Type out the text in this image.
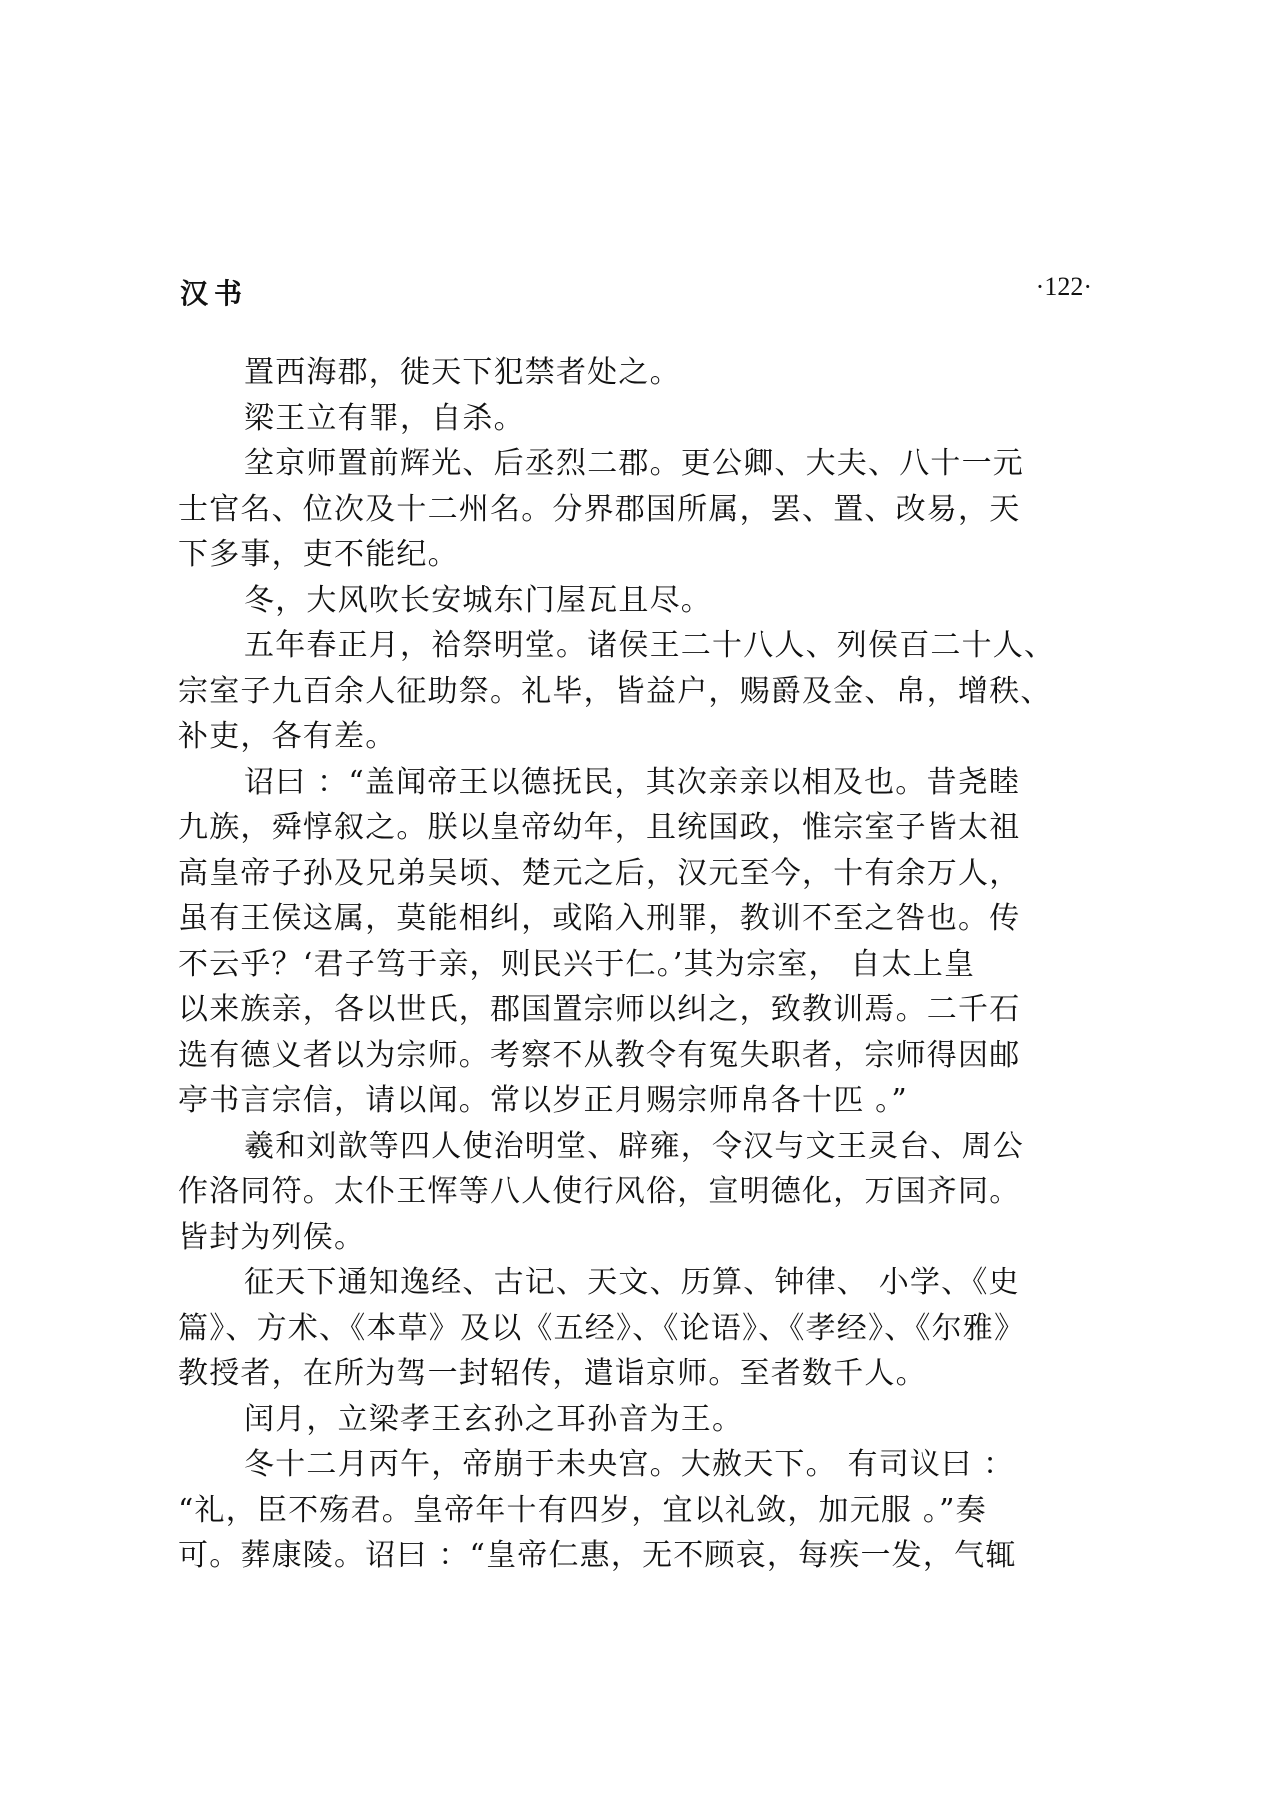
汉书	·122·
置西海郡，徙天下犯禁者处之。
梁王立有罪，自杀。
坌京师置前辉光、后丞烈二郡。更公卿、大夫、八十一元
士官名、位次及十二州名。分界郡国所属，罢、置、改易，天
下多事，吏不能纪。
冬，大风吹长安城东门屋瓦且尽。
五年春正月，祫祭明堂。诸侯王二十八人、列侯百二十人、
宗室子九百余人征助祭。礼毕，皆益户，赐爵及金、帛，增秩、
补吏，各有差。
诏曰 ：“盖闻帝王以德抚民，其次亲亲以相及也。昔尧睦
九族，舜惇叙之。朕以皇帝幼年，且统国政，惟宗室子皆太祖
高皇帝子孙及兄弟吴顷、楚元之后，汉元至今，十有余万人，
虽有王侯这属，莫能相纠，或陷入刑罪，教训不至之咎也。传
不云乎？‘君子笃于亲，则民兴于仁。’其为宗室， 自太上皇
以来族亲，各以世氏，郡国置宗师以纠之，致教训焉。二千石
选有德义者以为宗师。考察不从教令有冤失职者，宗师得因邮
亭书言宗信，请以闻。常以岁正月赐宗师帛各十匹 。”
羲和刘歆等四人使治明堂、辟雍，令汉与文王灵台、周公
作洛同符。太仆王恽等八人使行风俗，宣明德化，万国齐同。
皆封为列侯。
征天下通知逸经、古记、天文、历算、钟律、 小学、《史
篇》、方术、《本草》及以《五经》、《论语》、《孝经》、《尔雅》
教授者，在所为驾一封轺传，遣诣京师。至者数千人。
闰月，立梁孝王玄孙之耳孙音为王。
冬十二月丙午，帝崩于未央宫。大赦天下。 有司议曰 ：
“礼，臣不殇君。皇帝年十有四岁，宜以礼敛，加元服 。”奏
可。葬康陵。诏曰 ：“皇帝仁惠，无不顾哀，每疾一发，气辄
